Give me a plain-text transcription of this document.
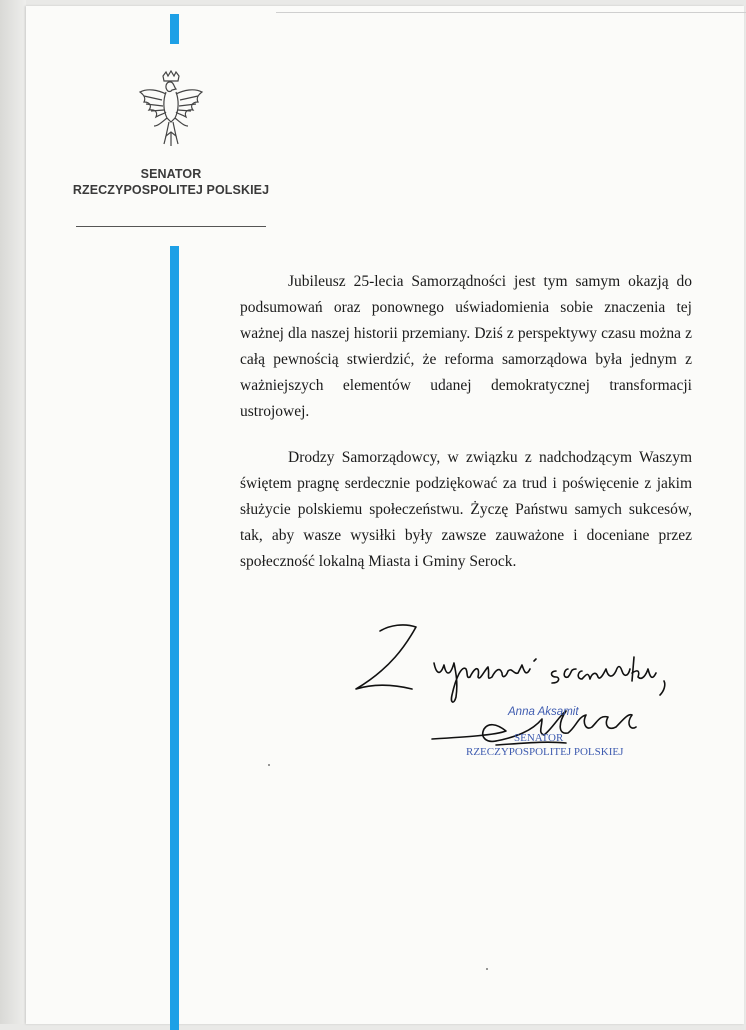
SENATOR
RZECZYPOSPOLITEJ POLSKIEJ

Jubileusz 25-lecia Samorządności jest tym samym okazją do podsumowań oraz ponownego uświadomienia sobie znaczenia tej ważnej dla naszej historii przemiany. Dziś z perspektywy czasu można z całą pewnością stwierdzić, że reforma samorządowa była jednym z ważniejszych elementów udanej demokratycznej transformacji ustrojowej.

Drodzy Samorządowcy, w związku z nadchodzącym Waszym świętem pragnę serdecznie podziękować za trud i poświęcenie z jakim służycie polskiemu społeczeństwu. Życzę Państwu samych sukcesów, tak, aby wasze wysiłki były zawsze zauważone i doceniane przez społeczność lokalną Miasta i Gminy Serock.

Anna Aksamit
SENATOR
RZECZYPOSPOLITEJ POLSKIEJ
